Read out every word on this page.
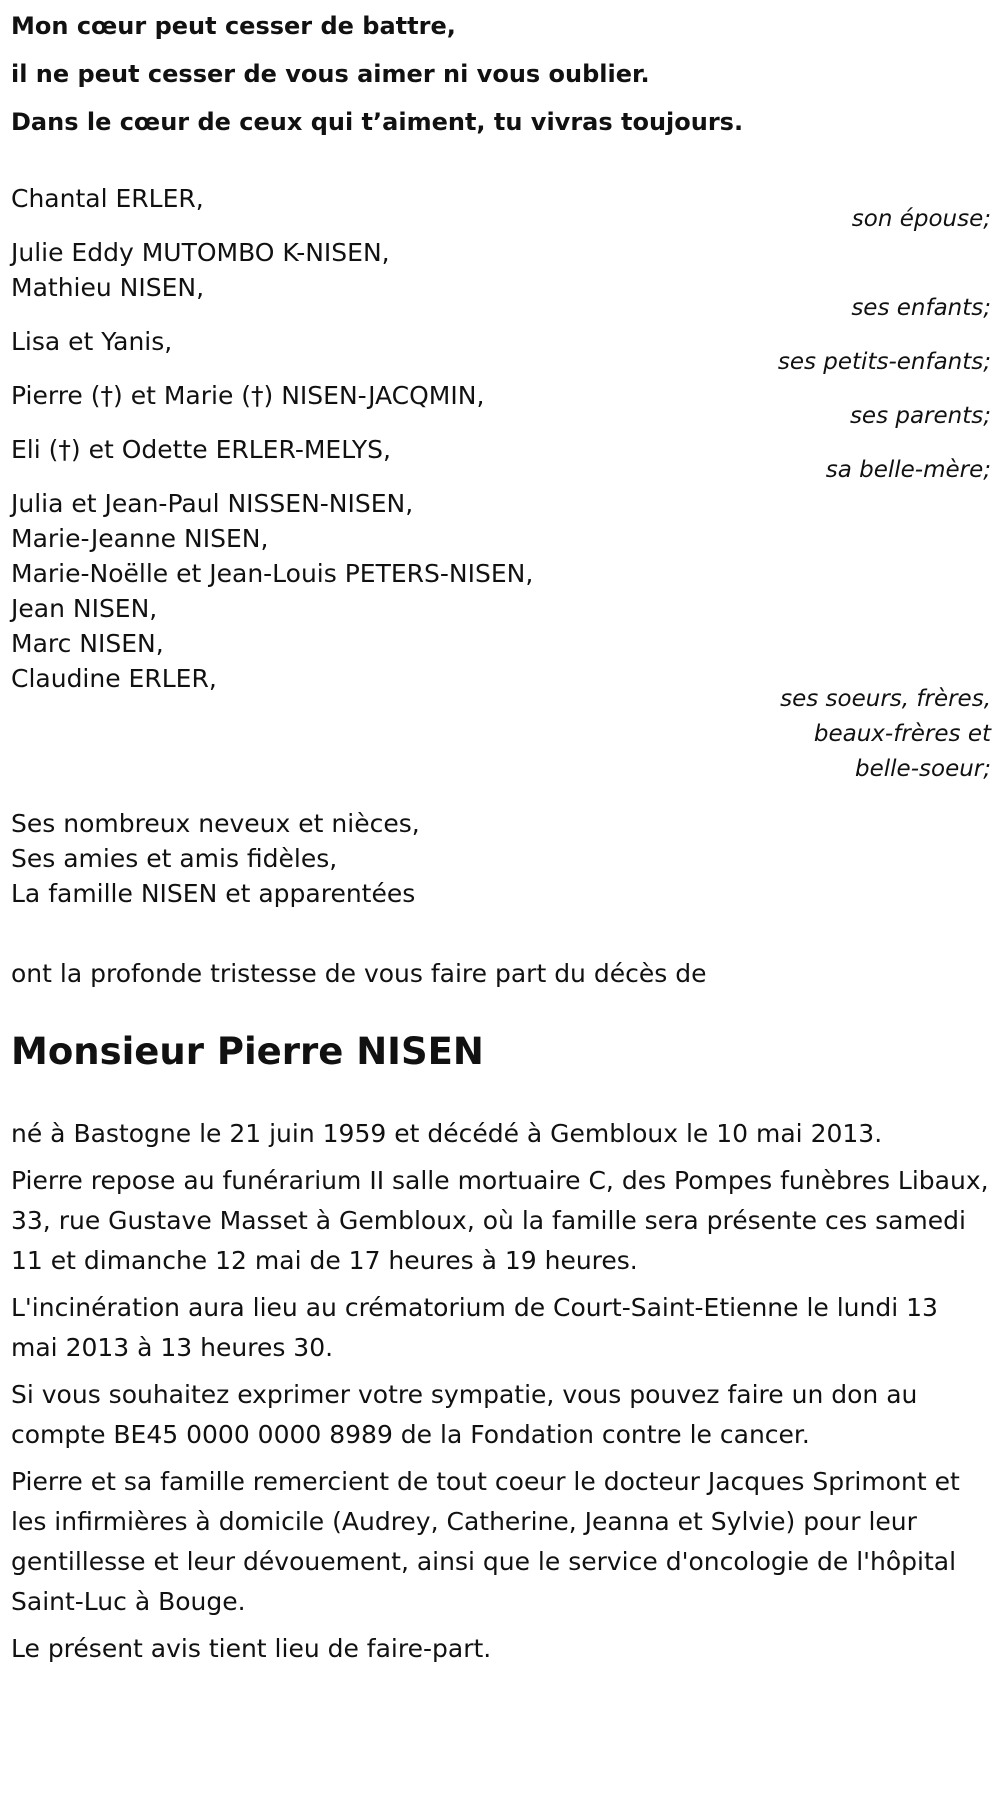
Mon cœur peut cesser de battre,
il ne peut cesser de vous aimer ni vous oublier.
Dans le cœur de ceux qui t’aiment, tu vivras toujours.
Chantal ERLER,
son épouse;
Julie Eddy MUTOMBO K-NISEN,
Mathieu NISEN,
ses enfants;
Lisa et Yanis,
ses petits-enfants;
Pierre (†) et Marie (†) NISEN-JACQMIN,
ses parents;
Eli (†) et Odette ERLER-MELYS,
sa belle-mère;
Julia et Jean-Paul NISSEN-NISEN,
Marie-Jeanne NISEN,
Marie-Noëlle et Jean-Louis PETERS-NISEN,
Jean NISEN,
Marc NISEN,
Claudine ERLER,
ses soeurs, frères,
beaux-frères et
belle-soeur;
Ses nombreux neveux et nièces,
Ses amies et amis fidèles,
La famille NISEN et apparentées
ont la profonde tristesse de vous faire part du décès de
Monsieur Pierre NISEN

né à Bastogne le 21 juin 1959 et décédé à Gembloux le 10 mai 2013.

Pierre repose au funérarium II salle mortuaire C, des Pompes funèbres Libaux, 33, rue Gustave Masset à Gembloux, où la famille sera présente ces samedi 11 et dimanche 12 mai de 17 heures à 19 heures.

L'incinération aura lieu au crématorium de Court-Saint-Etienne le lundi 13 mai 2013 à 13 heures 30.

Si vous souhaitez exprimer votre sympatie, vous pouvez faire un don au compte BE45 0000 0000 8989 de la Fondation contre le cancer.

Pierre et sa famille remercient de tout coeur le docteur Jacques Sprimont et les infirmières à domicile (Audrey, Catherine, Jeanna et Sylvie) pour leur gentillesse et leur dévouement, ainsi que le service d'oncologie de l'hôpital Saint-Luc à Bouge.

Le présent avis tient lieu de faire-part.
